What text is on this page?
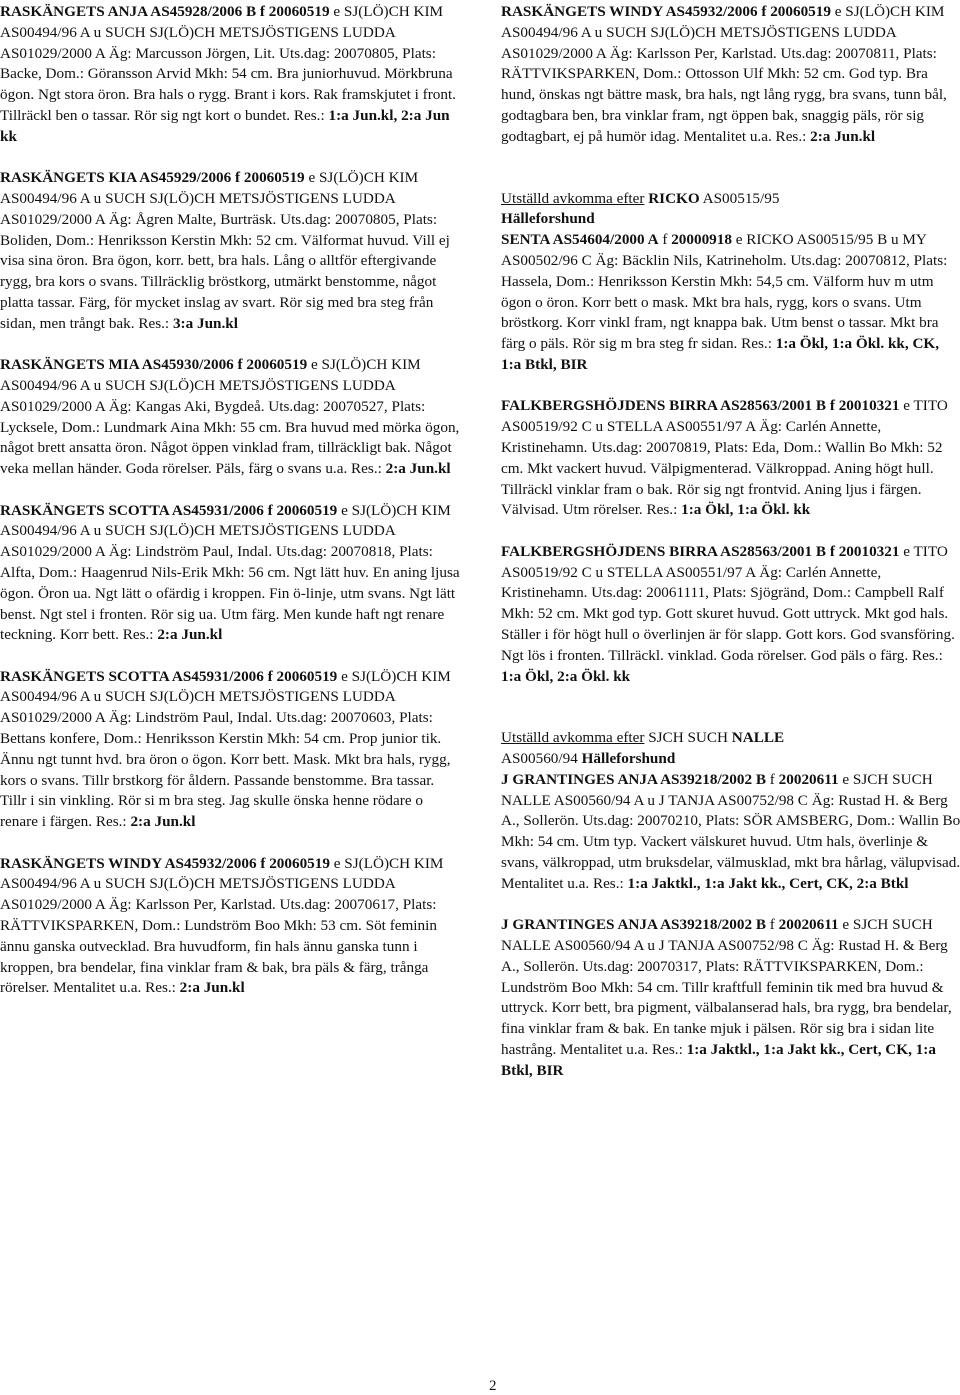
RASKÄNGETS ANJA AS45928/2006 B f 20060519 e SJ(LÖ)CH KIM AS00494/96 A u SUCH SJ(LÖ)CH METSJÖSTIGENS LUDDA AS01029/2000 A Äg: Marcusson Jörgen, Lit. Uts.dag: 20070805, Plats: Backe, Dom.: Göransson Arvid Mkh: 54 cm. Bra juniorhuvud. Mörkbruna ögon. Ngt stora öron. Bra hals o rygg. Brant i kors. Rak framskjutet i front. Tillräckl ben o tassar. Rör sig ngt kort o bundet. Res.: 1:a Jun.kl, 2:a Jun kk

RASKÄNGETS KIA AS45929/2006 f 20060519 e SJ(LÖ)CH KIM AS00494/96 A u SUCH SJ(LÖ)CH METSJÖSTIGENS LUDDA AS01029/2000 A Äg: Ågren Malte, Burträsk. Uts.dag: 20070805, Plats: Boliden, Dom.: Henriksson Kerstin Mkh: 52 cm. Välformat huvud. Vill ej visa sina öron. Bra ögon, korr. bett, bra hals. Lång o alltför eftergivande rygg, bra kors o svans. Tillräcklig bröstkorg, utmärkt benstomme, något platta tassar. Färg, för mycket inslag av svart. Rör sig med bra steg från sidan, men trångt bak. Res.: 3:a Jun.kl

RASKÄNGETS MIA AS45930/2006 f 20060519 e SJ(LÖ)CH KIM AS00494/96 A u SUCH SJ(LÖ)CH METSJÖSTIGENS LUDDA AS01029/2000 A Äg: Kangas Aki, Bygdeå. Uts.dag: 20070527, Plats: Lycksele, Dom.: Lundmark Aina Mkh: 55 cm. Bra huvud med mörka ögon, något brett ansatta öron. Något öppen vinklad fram, tillräckligt bak. Något veka mellan händer. Goda rörelser. Päls, färg o svans u.a. Res.: 2:a Jun.kl

RASKÄNGETS SCOTTA AS45931/2006 f 20060519 e SJ(LÖ)CH KIM AS00494/96 A u SUCH SJ(LÖ)CH METSJÖSTIGENS LUDDA AS01029/2000 A Äg: Lindström Paul, Indal. Uts.dag: 20070818, Plats: Alfta, Dom.: Haagenrud Nils-Erik Mkh: 56 cm. Ngt lätt huv. En aning ljusa ögon. Öron ua. Ngt lätt o ofärdig i kroppen. Fin ö-linje, utm svans. Ngt lätt benst. Ngt stel i fronten. Rör sig ua. Utm färg. Men kunde haft ngt renare teckning. Korr bett. Res.: 2:a Jun.kl

RASKÄNGETS SCOTTA AS45931/2006 f 20060519 e SJ(LÖ)CH KIM AS00494/96 A u SUCH SJ(LÖ)CH METSJÖSTIGENS LUDDA AS01029/2000 A Äg: Lindström Paul, Indal. Uts.dag: 20070603, Plats: Bettans konfere, Dom.: Henriksson Kerstin Mkh: 54 cm. Prop junior tik. Ännu ngt tunnt hvd. bra öron o ögon. Korr bett. Mask. Mkt bra hals, rygg, kors o svans. Tillr brstkorg för åldern. Passande benstomme. Bra tassar. Tillr i sin vinkling. Rör si m bra steg. Jag skulle önska henne rödare o renare i färgen. Res.: 2:a Jun.kl

RASKÄNGETS WINDY AS45932/2006 f 20060519 e SJ(LÖ)CH KIM AS00494/96 A u SUCH SJ(LÖ)CH METSJÖSTIGENS LUDDA AS01029/2000 A Äg: Karlsson Per, Karlstad. Uts.dag: 20070617, Plats: RÄTTVIKSPARKEN, Dom.: Lundström Boo Mkh: 53 cm. Söt feminin ännu ganska outvecklad. Bra huvudform, fin hals ännu ganska tunn i kroppen, bra bendelar, fina vinklar fram & bak, bra päls & färg, trånga rörelser. Mentalitet u.a. Res.: 2:a Jun.kl

RASKÄNGETS WINDY AS45932/2006 f 20060519 e SJ(LÖ)CH KIM AS00494/96 A u SUCH SJ(LÖ)CH METSJÖSTIGENS LUDDA AS01029/2000 A Äg: Karlsson Per, Karlstad. Uts.dag: 20070811, Plats: RÄTTVIKSPARKEN, Dom.: Ottosson Ulf Mkh: 52 cm. God typ. Bra hund, önskas ngt bättre mask, bra hals, ngt lång rygg, bra svans, tunn bål, godtagbara ben, bra vinklar fram, ngt öppen bak, snaggig päls, rör sig godtagbart, ej på humör idag. Mentalitet u.a. Res.: 2:a Jun.kl

Utställd avkomma efter RICKO AS00515/95
Hälleforshund

SENTA AS54604/2000 A f 20000918 e RICKO AS00515/95 B u MY AS00502/96 C Äg: Bäcklin Nils, Katrineholm. Uts.dag: 20070812, Plats: Hassela, Dom.: Henriksson Kerstin Mkh: 54,5 cm. Välform huv m utm ögon o öron. Korr bett o mask. Mkt bra hals, rygg, kors o svans. Utm bröstkorg. Korr vinkl fram, ngt knappa bak. Utm benst o tassar. Mkt bra färg o päls. Rör sig m bra steg fr sidan. Res.: 1:a Ökl, 1:a Ökl. kk, CK, 1:a Btkl, BIR

FALKBERGSHÖJDENS BIRRA AS28563/2001 B f 20010321 e TITO AS00519/92 C u STELLA AS00551/97 A Äg: Carlén Annette, Kristinehamn. Uts.dag: 20070819, Plats: Eda, Dom.: Wallin Bo Mkh: 52 cm. Mkt vackert huvud. Välpigmenterad. Välkroppad. Aning högt hull. Tillräckl vinklar fram o bak. Rör sig ngt frontvid. Aning ljus i färgen. Välvisad. Utm rörelser. Res.: 1:a Ökl, 1:a Ökl. kk

FALKBERGSHÖJDENS BIRRA AS28563/2001 B f 20010321 e TITO AS00519/92 C u STELLA AS00551/97 A Äg: Carlén Annette, Kristinehamn. Uts.dag: 20061111, Plats: Sjögränd, Dom.: Campbell Ralf Mkh: 52 cm. Mkt god typ. Gott skuret huvud. Gott uttryck. Mkt god hals. Ställer i för högt hull o överlinjen är för slapp. Gott kors. God svansföring. Ngt lös i fronten. Tillräckl. vinklad. Goda rörelser. God päls o färg. Res.: 1:a Ökl, 2:a Ökl. kk

Utställd avkomma efter SJCH SUCH NALLE
AS00560/94 Hälleforshund

J GRANTINGES ANJA AS39218/2002 B f 20020611 e SJCH SUCH NALLE AS00560/94 A u J TANJA AS00752/98 C Äg: Rustad H. & Berg A., Sollerön. Uts.dag: 20070210, Plats: SÖR AMSBERG, Dom.: Wallin Bo Mkh: 54 cm. Utm typ. Vackert välskuret huvud. Utm hals, överlinje & svans, välkroppad, utm bruksdelar, välmusklad, mkt bra hårlag, välupvisad. Mentalitet u.a. Res.: 1:a Jaktkl., 1:a Jakt kk., Cert, CK, 2:a Btkl

J GRANTINGES ANJA AS39218/2002 B f 20020611 e SJCH SUCH NALLE AS00560/94 A u J TANJA AS00752/98 C Äg: Rustad H. & Berg A., Sollerön. Uts.dag: 20070317, Plats: RÄTTVIKSPARKEN, Dom.: Lundström Boo Mkh: 54 cm. Tillr kraftfull feminin tik med bra huvud & uttryck. Korr bett, bra pigment, välbalanserad hals, bra rygg, bra bendelar, fina vinklar fram & bak. En tanke mjuk i pälsen. Rör sig bra i sidan lite hastrång. Mentalitet u.a. Res.: 1:a Jaktkl., 1:a Jakt kk., Cert, CK, 1:a Btkl, BIR

2
